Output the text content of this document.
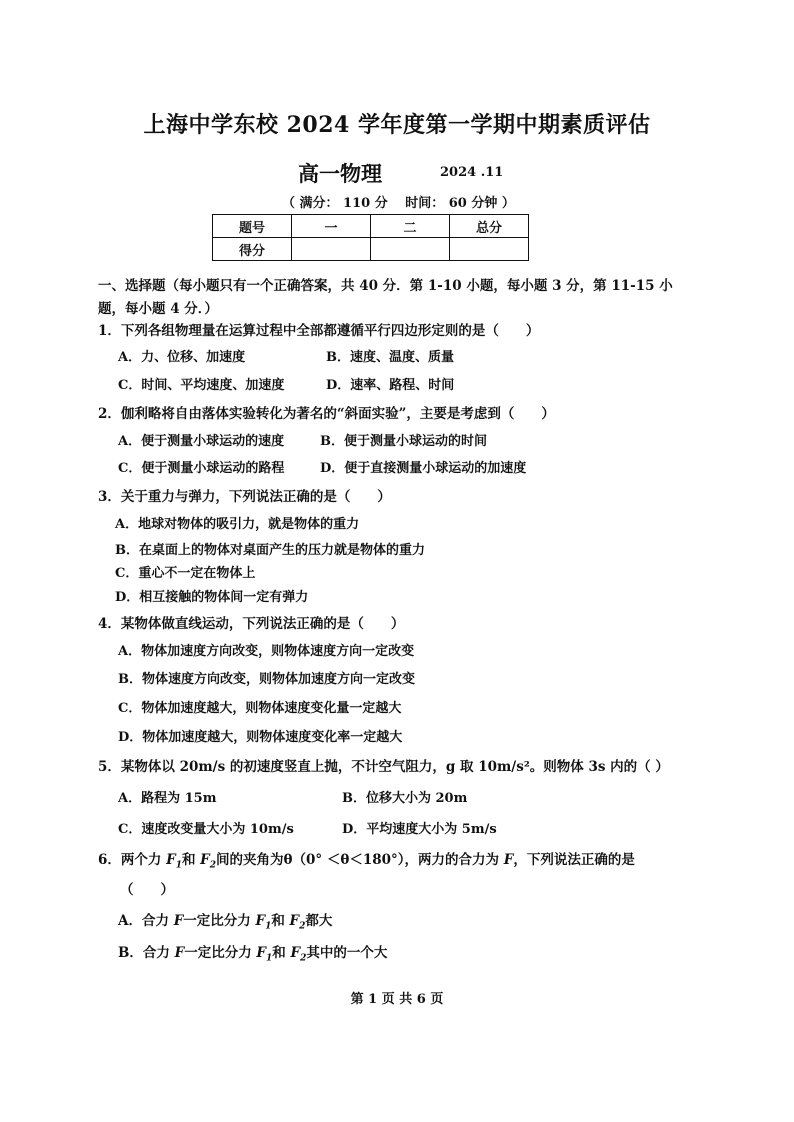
上海中学东校 2024 学年度第一学期中期素质评估
高一物理	2024 .11
（ 满分： 110 分　 时间： 60 分钟 ）
题号	一	二	总分
得分			
一、选择题（每小题只有一个正确答案，共 40 分．第 1-10 小题，每小题 3 分，第 11-15 小
题，每小题 4 分．）
1．下列各组物理量在运算过程中全部都遵循平行四边形定则的是（　　）
A．力、位移、加速度	B．速度、温度、质量
C．时间、平均速度、加速度	D．速率、路程、时间
2．伽利略将自由落体实验转化为著名的“斜面实验”，主要是考虑到（　　）
A．便于测量小球运动的速度	B．便于测量小球运动的时间
C．便于测量小球运动的路程	D．便于直接测量小球运动的加速度
3．关于重力与弹力，下列说法正确的是（　　）
A．地球对物体的吸引力，就是物体的重力
B．在桌面上的物体对桌面产生的压力就是物体的重力
C．重心不一定在物体上
D．相互接触的物体间一定有弹力
4．某物体做直线运动，下列说法正确的是（　　）
A．物体加速度方向改变，则物体速度方向一定改变
B．物体速度方向改变，则物体加速度方向一定改变
C．物体加速度越大，则物体速度变化量一定越大
D．物体加速度越大，则物体速度变化率一定越大
5．某物体以 20m/s 的初速度竖直上抛，不计空气阻力，g 取 10m/s²。则物体 3s 内的（ ）
A．路程为 15m	B．位移大小为 20m
C．速度改变量大小为 10m/s	D．平均速度大小为 5m/s
6．两个力 $F_1$和 $F_2$间的夹角为θ（0° ＜θ＜180°），两力的合力为 F，下列说法正确的是
（　　）
A．合力 F一定比分力 $F_1$和 $F_2$都大
B．合力 F一定比分力 $F_1$和 $F_2$其中的一个大
第 1 页 共 6 页
